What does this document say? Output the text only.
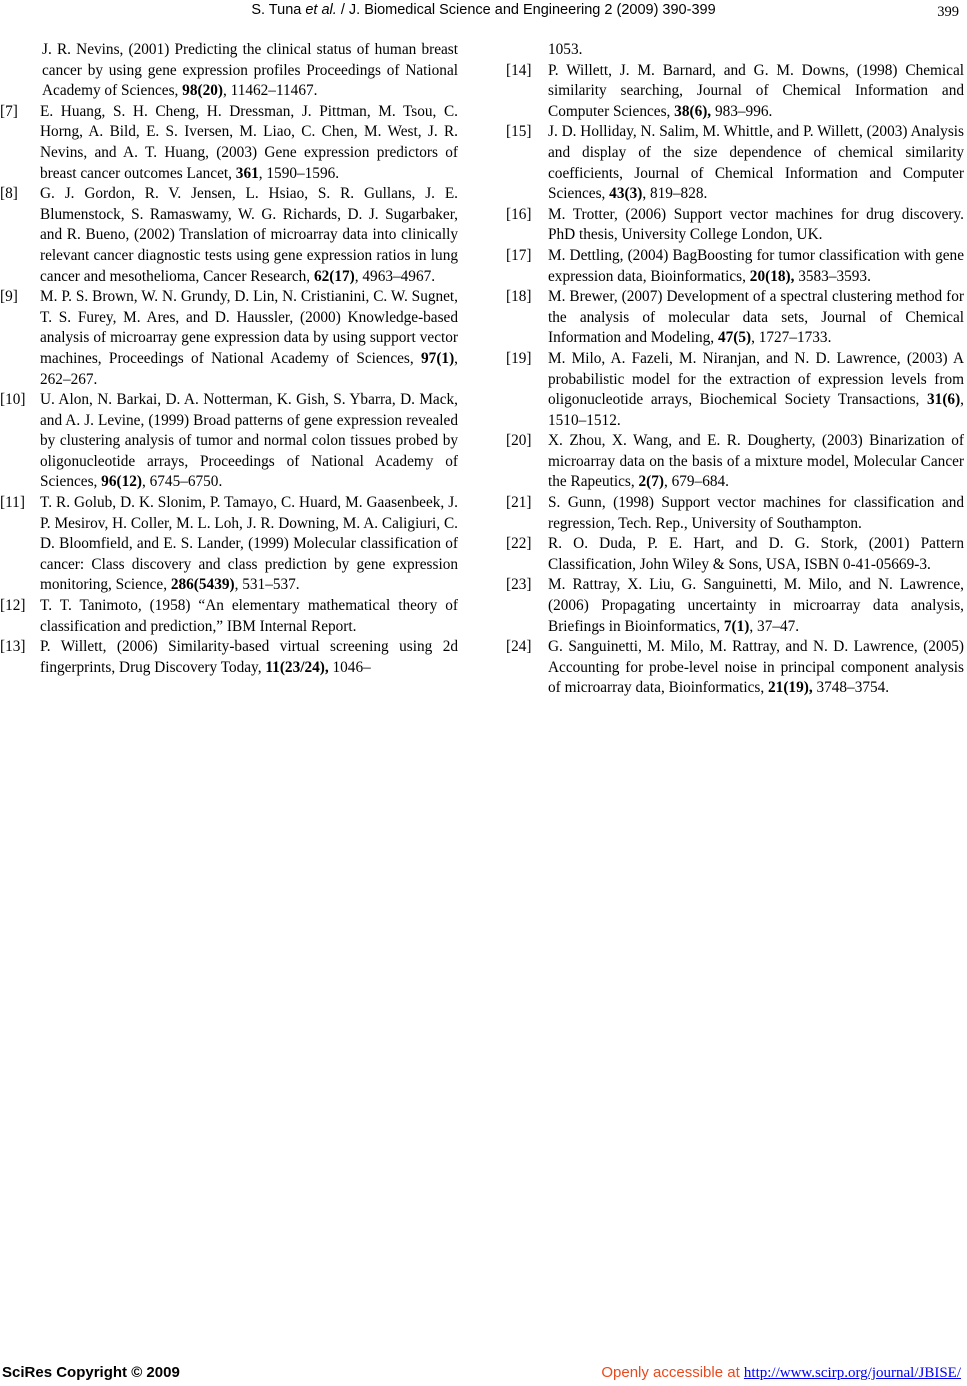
S. Tuna et al. / J. Biomedical Science and Engineering 2 (2009) 390-399	399
J. R. Nevins, (2001) Predicting the clinical status of human breast cancer by using gene expression profiles Proceedings of National Academy of Sciences, 98(20), 11462–11467.
[7] E. Huang, S. H. Cheng, H. Dressman, J. Pittman, M. Tsou, C. Horng, A. Bild, E. S. Iversen, M. Liao, C. Chen, M. West, J. R. Nevins, and A. T. Huang, (2003) Gene expression predictors of breast cancer outcomes Lancet, 361, 1590–1596.
[8] G. J. Gordon, R. V. Jensen, L. Hsiao, S. R. Gullans, J. E. Blumenstock, S. Ramaswamy, W. G. Richards, D. J. Sugarbaker, and R. Bueno, (2002) Translation of microarray data into clinically relevant cancer diagnostic tests using gene expression ratios in lung cancer and mesothelioma, Cancer Research, 62(17), 4963–4967.
[9] M. P. S. Brown, W. N. Grundy, D. Lin, N. Cristianini, C. W. Sugnet, T. S. Furey, M. Ares, and D. Haussler, (2000) Knowledge-based analysis of microarray gene expression data by using support vector machines, Proceedings of National Academy of Sciences, 97(1), 262–267.
[10] U. Alon, N. Barkai, D. A. Notterman, K. Gish, S. Ybarra, D. Mack, and A. J. Levine, (1999) Broad patterns of gene expression revealed by clustering analysis of tumor and normal colon tissues probed by oligonucleotide arrays, Proceedings of National Academy of Sciences, 96(12), 6745–6750.
[11] T. R. Golub, D. K. Slonim, P. Tamayo, C. Huard, M. Gaasenbeek, J. P. Mesirov, H. Coller, M. L. Loh, J. R. Downing, M. A. Caligiuri, C. D. Bloomfield, and E. S. Lander, (1999) Molecular classification of cancer: Class discovery and class prediction by gene expression monitoring, Science, 286(5439), 531–537.
[12] T. T. Tanimoto, (1958) “An elementary mathematical theory of classification and prediction,” IBM Internal Report.
[13] P. Willett, (2006) Similarity-based virtual screening using 2d fingerprints, Drug Discovery Today, 11(23/24), 1046–
1053.
[14] P. Willett, J. M. Barnard, and G. M. Downs, (1998) Chemical similarity searching, Journal of Chemical Information and Computer Sciences, 38(6), 983–996.
[15] J. D. Holliday, N. Salim, M. Whittle, and P. Willett, (2003) Analysis and display of the size dependence of chemical similarity coefficients, Journal of Chemical Information and Computer Sciences, 43(3), 819–828.
[16] M. Trotter, (2006) Support vector machines for drug discovery. PhD thesis, University College London, UK.
[17] M. Dettling, (2004) BagBoosting for tumor classification with gene expression data, Bioinformatics, 20(18), 3583–3593.
[18] M. Brewer, (2007) Development of a spectral clustering method for the analysis of molecular data sets, Journal of Chemical Information and Modeling, 47(5), 1727–1733.
[19] M. Milo, A. Fazeli, M. Niranjan, and N. D. Lawrence, (2003) A probabilistic model for the extraction of expression levels from oligonucleotide arrays, Biochemical Society Transactions, 31(6), 1510–1512.
[20] X. Zhou, X. Wang, and E. R. Dougherty, (2003) Binarization of microarray data on the basis of a mixture model, Molecular Cancer the Rapeutics, 2(7), 679–684.
[21] S. Gunn, (1998) Support vector machines for classification and regression, Tech. Rep., University of Southampton.
[22] R. O. Duda, P. E. Hart, and D. G. Stork, (2001) Pattern Classification, John Wiley & Sons, USA, ISBN 0-41-05669-3.
[23] M. Rattray, X. Liu, G. Sanguinetti, M. Milo, and N. Lawrence, (2006) Propagating uncertainty in microarray data analysis, Briefings in Bioinformatics, 7(1), 37–47.
[24] G. Sanguinetti, M. Milo, M. Rattray, and N. D. Lawrence, (2005) Accounting for probe-level noise in principal component analysis of microarray data, Bioinformatics, 21(19), 3748–3754.
SciRes Copyright © 2009	Openly accessible at http://www.scirp.org/journal/JBISE/
